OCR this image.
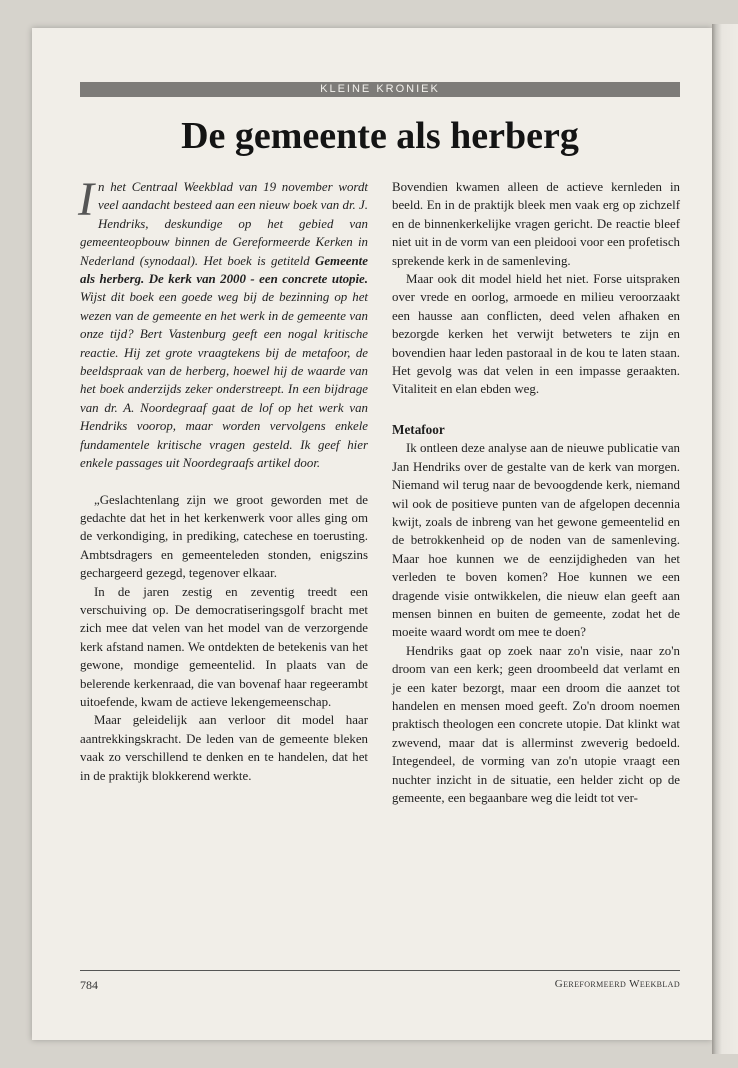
KLEINE KRONIEK
De gemeente als herberg

In het Centraal Weekblad van 19 november wordt veel aandacht besteed aan een nieuw boek van dr. J. Hendriks, deskundige op het gebied van gemeenteopbouw binnen de Gereformeerde Kerken in Nederland (synodaal). Het boek is getiteld Gemeente als herberg. De kerk van 2000 - een concrete utopie. Wijst dit boek een goede weg bij de bezinning op het wezen van de gemeente en het werk in de gemeente van onze tijd? Bert Vastenburg geeft een nogal kritische reactie. Hij zet grote vraagtekens bij de metafoor, de beeldspraak van de herberg, hoewel hij de waarde van het boek anderzijds zeker onderstreept. In een bijdrage van dr. A. Noordegraaf gaat de lof op het werk van Hendriks voorop, maar worden vervolgens enkele fundamentele kritische vragen gesteld. Ik geef hier enkele passages uit Noordegraafs artikel door.

„Geslachtenlang zijn we groot geworden met de gedachte dat het in het kerkenwerk voor alles ging om de verkondiging, in prediking, catechese en toerusting. Ambtsdragers en gemeenteleden stonden, enigszins gechargeerd gezegd, tegenover elkaar.

In de jaren zestig en zeventig treedt een verschuiving op. De democratiseringsgolf bracht met zich mee dat velen van het model van de verzorgende kerk afstand namen. We ontdekten de betekenis van het gewone, mondige gemeentelid. In plaats van de belerende kerkenraad, die van bovenaf haar regeerambt uitoefende, kwam de actieve lekengemeenschap.

Maar geleidelijk aan verloor dit model haar aantrekkingskracht. De leden van de gemeente bleken vaak zo verschillend te denken en te handelen, dat het in de praktijk blokkerend werkte.

Bovendien kwamen alleen de actieve kernleden in beeld. En in de praktijk bleek men vaak erg op zichzelf en de binnenkerkelijke vragen gericht. De reactie bleef niet uit in de vorm van een pleidooi voor een profetisch sprekende kerk in de samenleving.

Maar ook dit model hield het niet. Forse uitspraken over vrede en oorlog, armoede en milieu veroorzaakt een hausse aan conflicten, deed velen afhaken en bezorgde kerken het verwijt betweters te zijn en bovendien haar leden pastoraal in de kou te laten staan. Het gevolg was dat velen in een impasse geraakten. Vitaliteit en elan ebden weg.

Metafoor

Ik ontleen deze analyse aan de nieuwe publicatie van Jan Hendriks over de gestalte van de kerk van morgen. Niemand wil terug naar de bevoogdende kerk, niemand wil ook de positieve punten van de afgelopen decennia kwijt, zoals de inbreng van het gewone gemeentelid en de betrokkenheid op de noden van de samenleving. Maar hoe kunnen we de eenzijdigheden van het verleden te boven komen? Hoe kunnen we een dragende visie ontwikkelen, die nieuw elan geeft aan mensen binnen en buiten de gemeente, zodat het de moeite waard wordt om mee te doen?

Hendriks gaat op zoek naar zo'n visie, naar zo'n droom van een kerk; geen droombeeld dat verlamt en je een kater bezorgt, maar een droom die aanzet tot handelen en mensen moed geeft. Zo'n droom noemen praktisch theologen een concrete utopie. Dat klinkt wat zwevend, maar dat is allerminst zweverig bedoeld. Integendeel, de vorming van zo'n utopie vraagt een nuchter inzicht in de situatie, een helder zicht op de gemeente, een begaanbare weg die leidt tot ver-

784	Gereformeerd Weekblad
